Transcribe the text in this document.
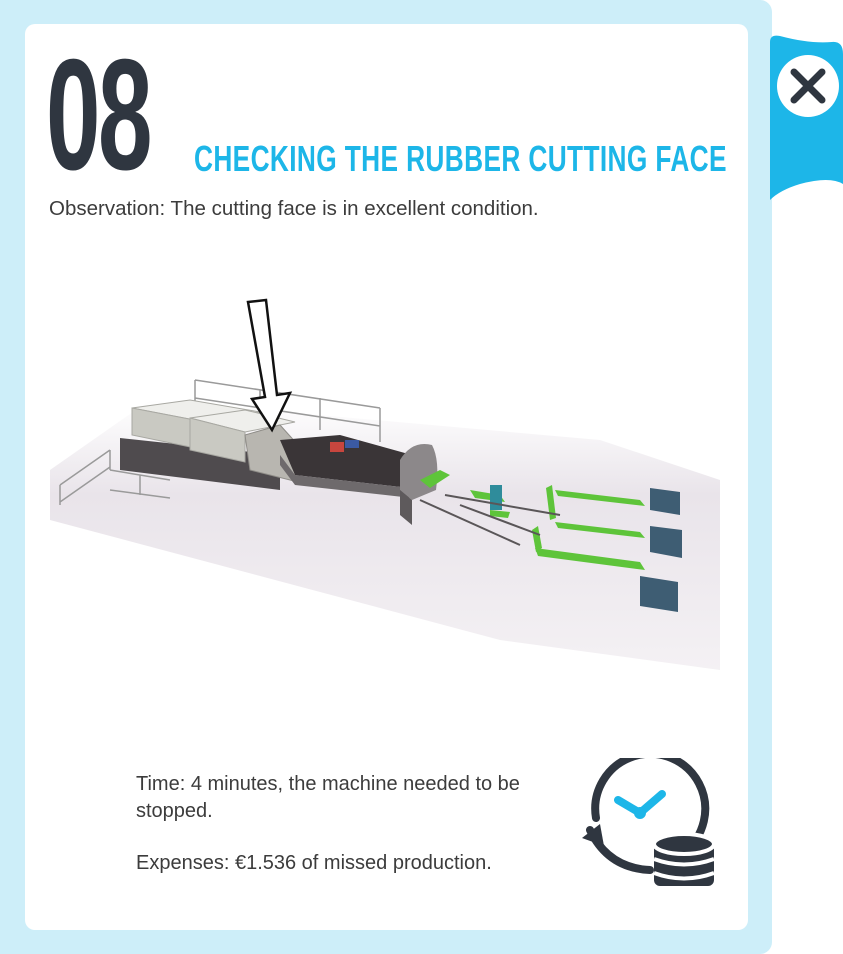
08 CHECKING THE RUBBER CUTTING FACE
Observation: The cutting face is in excellent condition.

Time: 4 minutes, the machine needed to be stopped.

Expenses: €1.536 of missed production.
